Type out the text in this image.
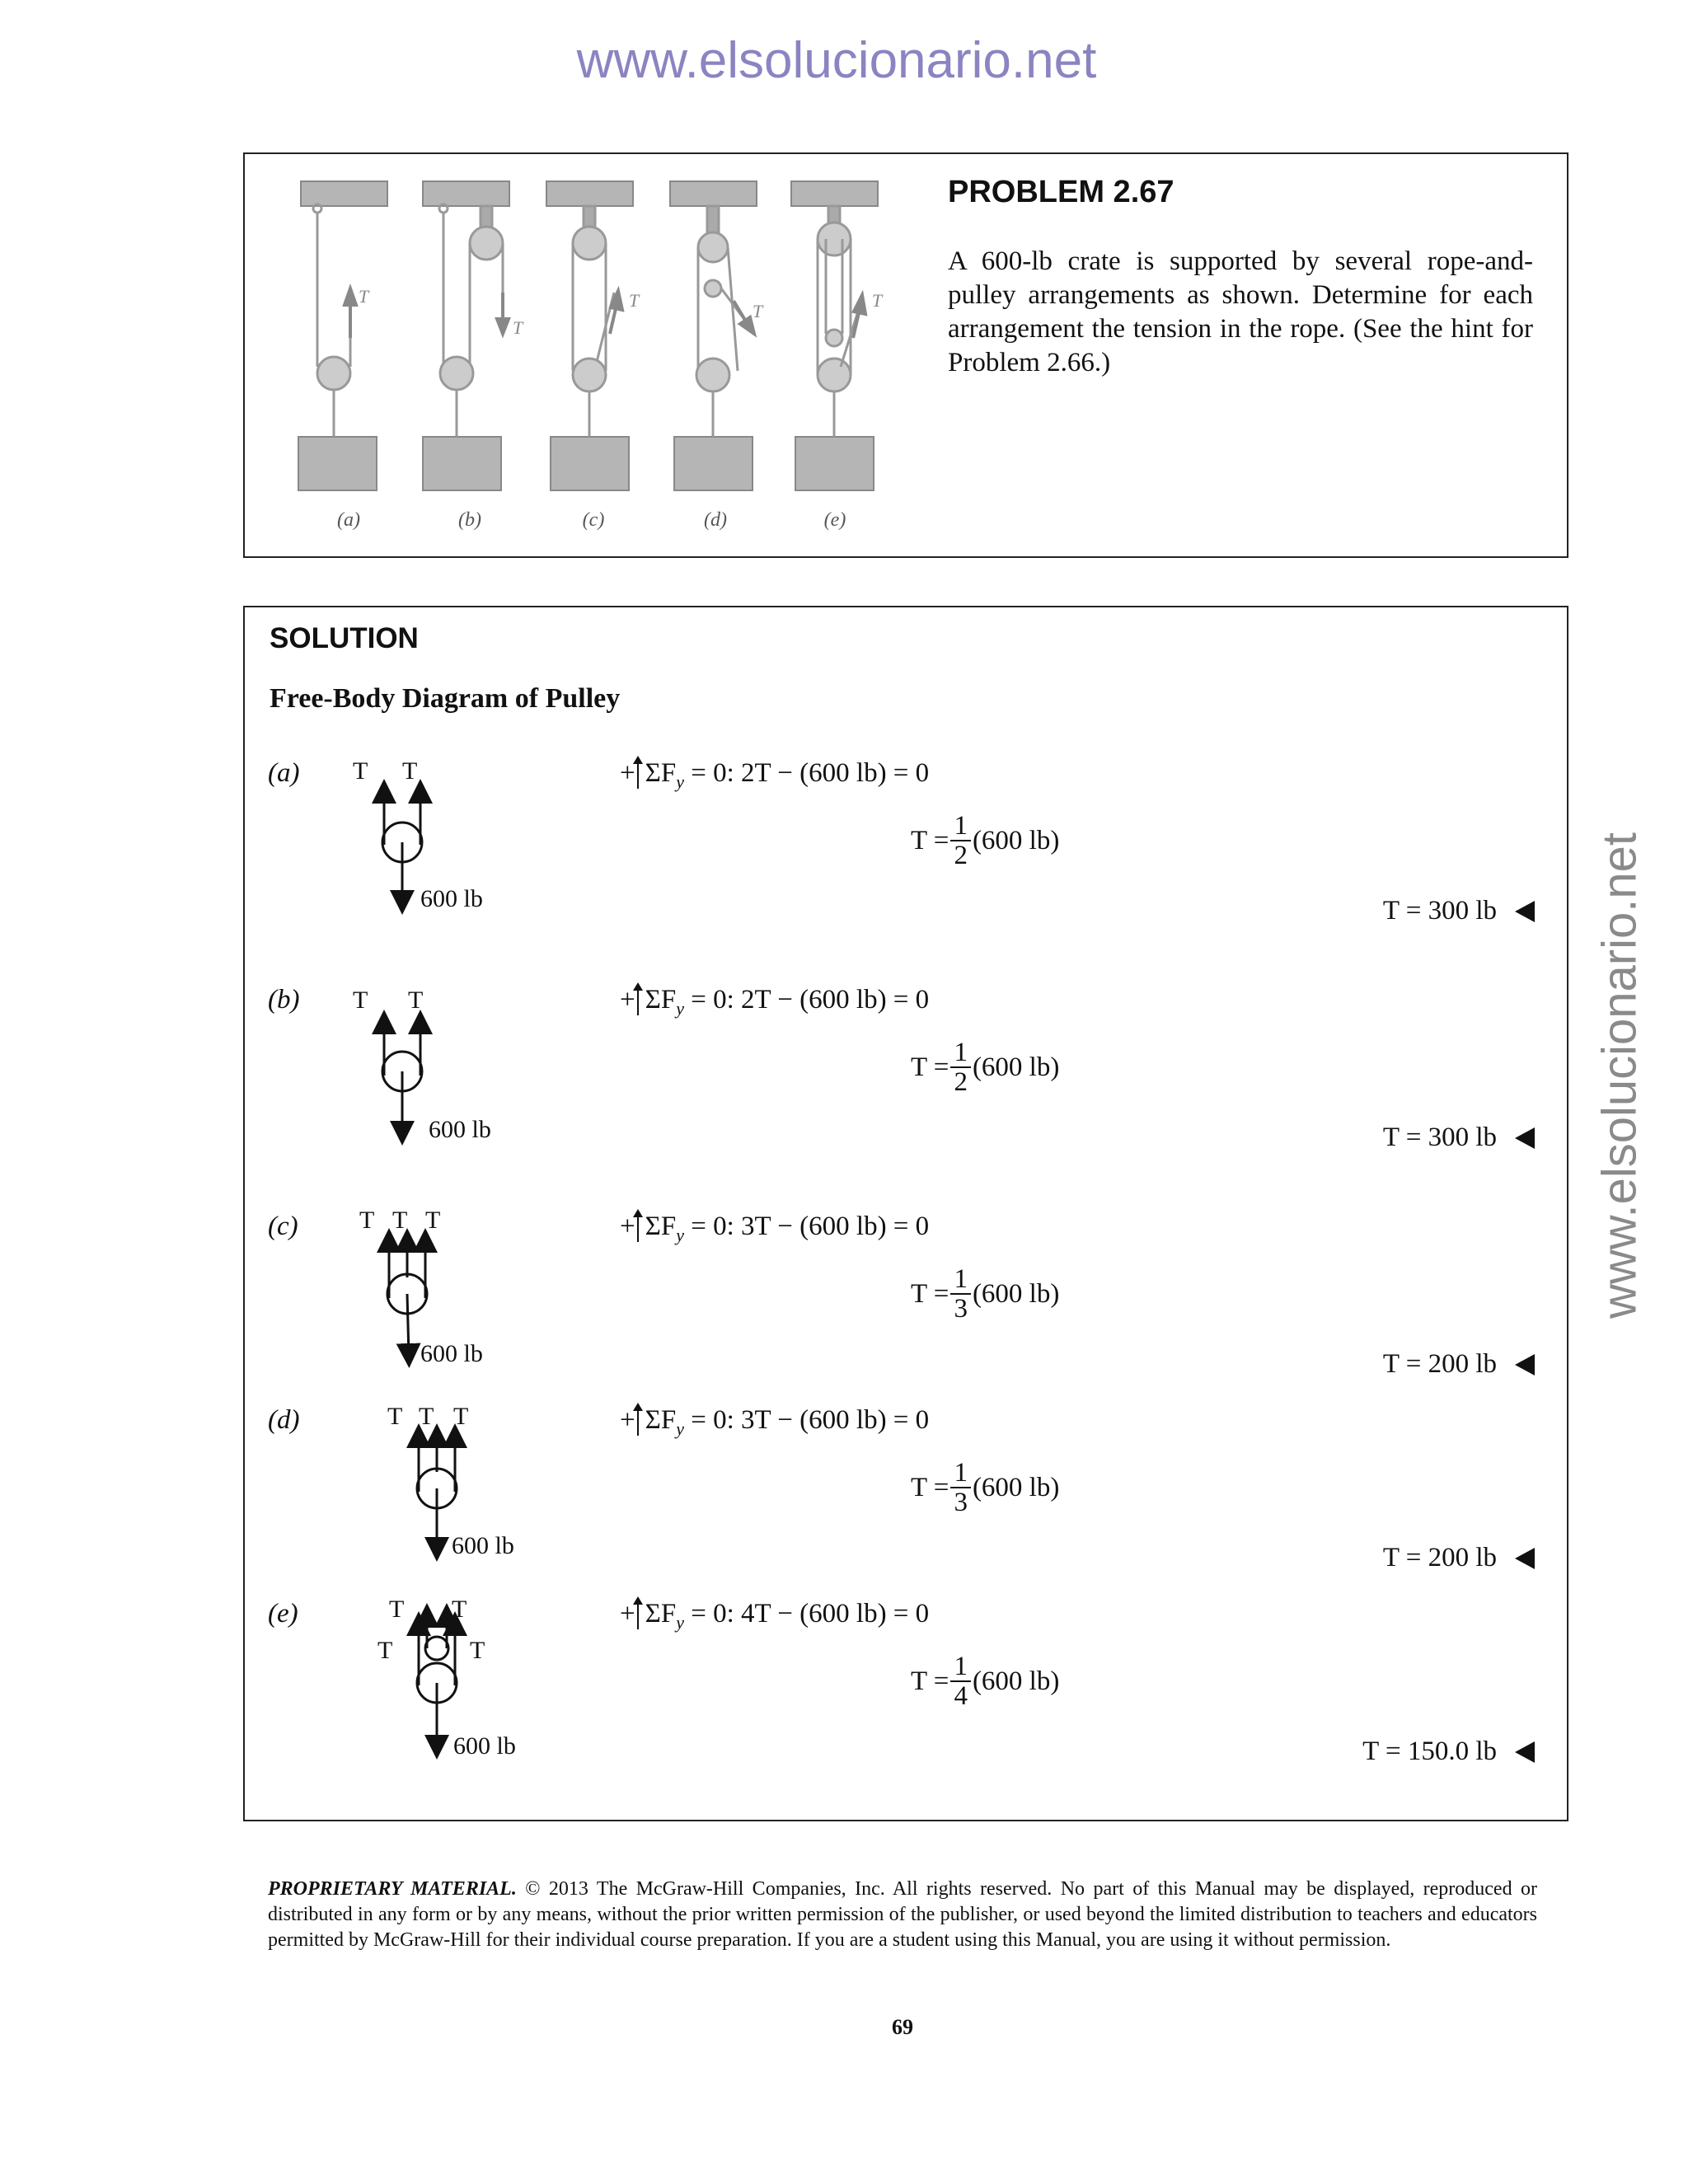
www.elsolucionario.net
www.elsolucionario.net
T
T
T
T
T
(a)	(b)	(c)	(d)	(e)
PROBLEM 2.67
A 600-lb crate is supported by several rope-and-pulley arrangements as shown. Determine for each arrangement the tension in the rope. (See the hint for Problem 2.66.)
SOLUTION
Free-Body Diagram of Pulley
T T
600 lb
T T
600 lb
T T T
600 lb
T T T
600 lb
T T
T	T
600 lb
(a)	+ $\Sigma F_y = 0$: 2T − (600 lb) = 0
$T = \frac{1}{2} (600$ lb)
T = 300 lb
(b)	+ $\Sigma F_y = 0$: 2T − (600 lb) = 0
$T = \frac{1}{2} (600$ lb)
T = 300 lb
(c)	+ $\Sigma F_y = 0$: 3T − (600 lb) = 0
$T = \frac{1}{3} (600$ lb)
T = 200 lb
(d)	+ $\Sigma F_y = 0$: 3T − (600 lb) = 0
$T = \frac{1}{3} (600$ lb)
T = 200 lb
(e)	+ $\Sigma F_y = 0$: 4T − (600 lb) = 0
$T = \frac{1}{4} (600$ lb)
T = 150.0 lb
PROPRIETARY MATERIAL. © 2013 The McGraw-Hill Companies, Inc. All rights reserved. No part of this Manual may be displayed, reproduced or distributed in any form or by any means, without the prior written permission of the publisher, or used beyond the limited distribution to teachers and educators permitted by McGraw-Hill for their individual course preparation. If you are a student using this Manual, you are using it without permission.
69
